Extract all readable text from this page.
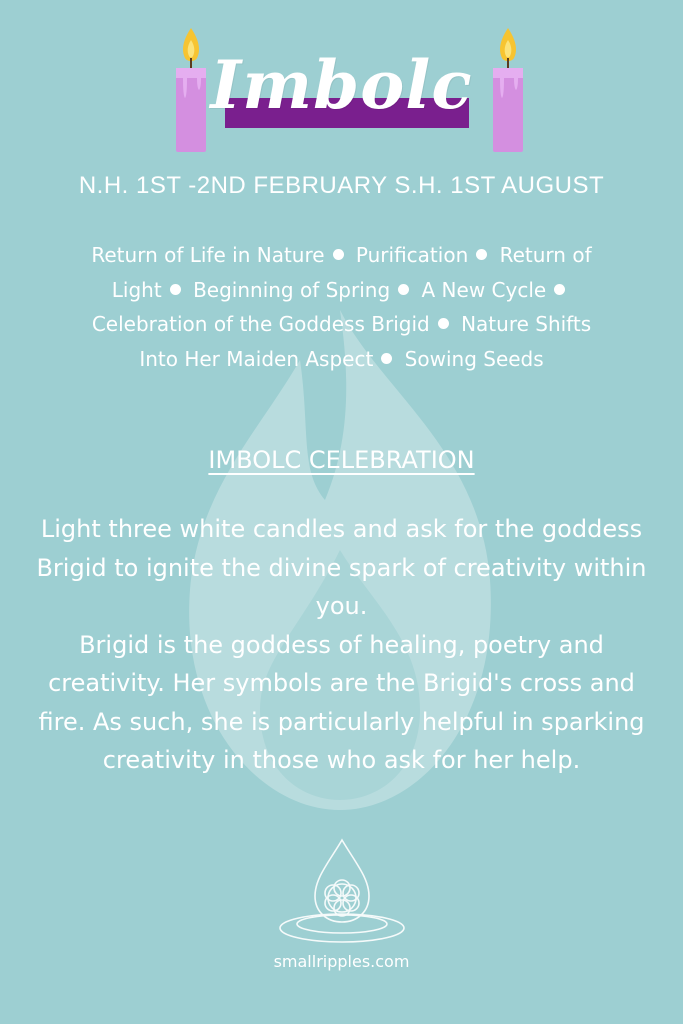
Imbolc
N.H. 1ST -2ND FEBRUARY S.H. 1ST AUGUST
Return of Life in Nature Purification Return of Light Beginning of Spring A New Cycle Celebration of the Goddess Brigid Nature Shifts Into Her Maiden Aspect Sowing Seeds
IMBOLC CELEBRATION

Light three white candles and ask for the goddess Brigid to ignite the divine spark of creativity within you.

Brigid is the goddess of healing, poetry and creativity. Her symbols are the Brigid's cross and fire. As such, she is particularly helpful in sparking creativity in those who ask for her help.

smallripples.com
